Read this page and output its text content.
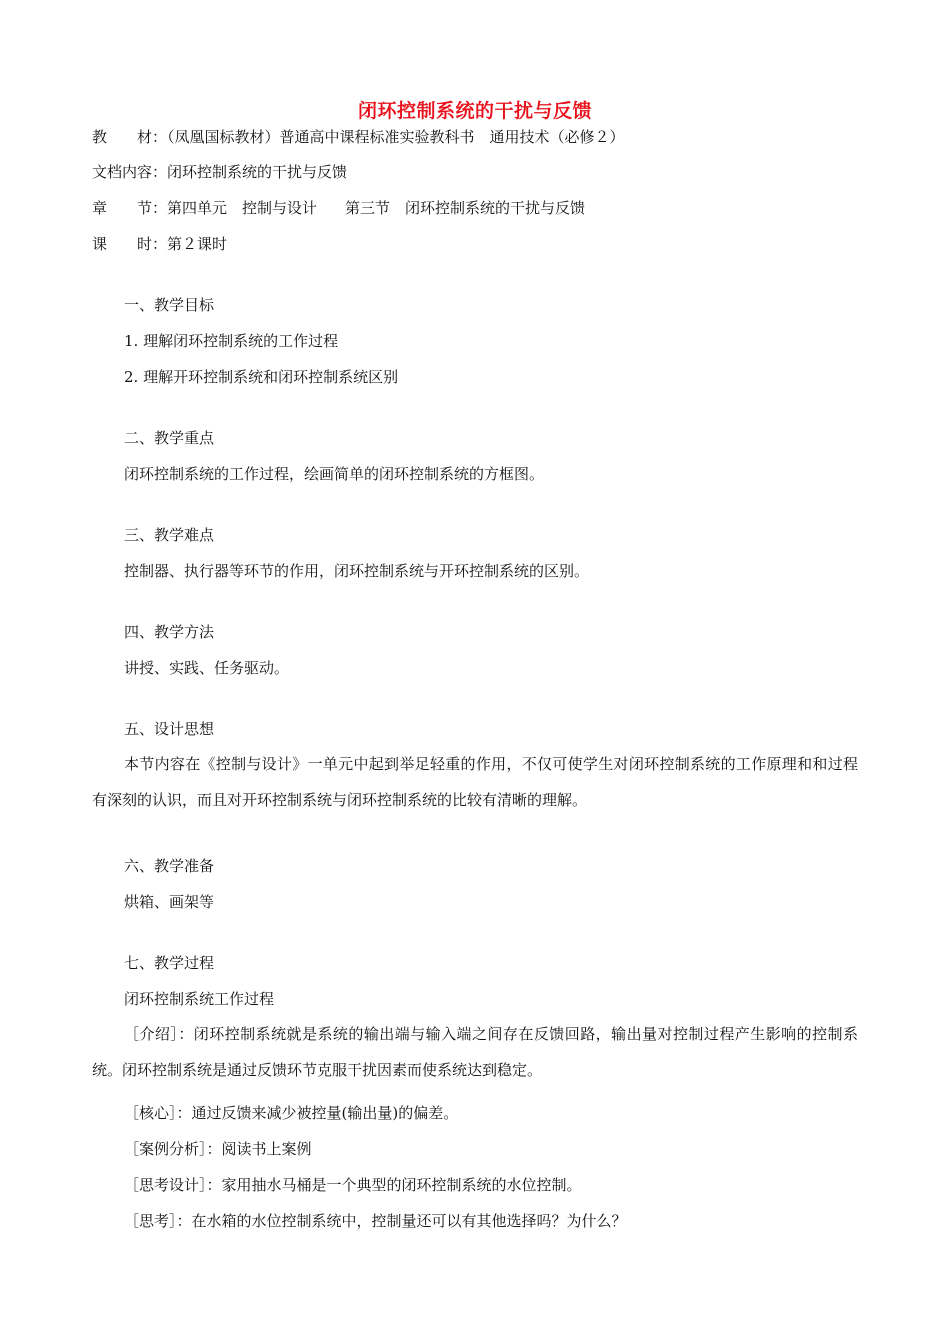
闭环控制系统的干扰与反馈
教　　材：（凤凰国标教材）普通高中课程标准实验教科书　通用技术（必修２）
文档内容：闭环控制系统的干扰与反馈
章　　节：第四单元　控制与设计 第三节　闭环控制系统的干扰与反馈
课　　时：第２课时
一、教学目标
1. 理解闭环控制系统的工作过程
2. 理解开环控制系统和闭环控制系统区别
二、教学重点
闭环控制系统的工作过程，绘画简单的闭环控制系统的方框图。
三、教学难点
控制器、执行器等环节的作用，闭环控制系统与开环控制系统的区别。
四、教学方法
讲授、实践、任务驱动。
五、设计思想
本节内容在《控制与设计》一单元中起到举足轻重的作用，不仅可使学生对闭环控制系统的工作原理和和过程有深刻的认识，而且对开环控制系统与闭环控制系统的比较有清晰的理解。
六、教学准备
烘箱、画架等
七、教学过程
闭环控制系统工作过程
［介绍］：闭环控制系统就是系统的输出端与输入端之间存在反馈回路，输出量对控制过程产生影响的控制系统。闭环控制系统是通过反馈环节克服干扰因素而使系统达到稳定。
［核心］：通过反馈来减少被控量(输出量)的偏差。
［案例分析］：阅读书上案例
［思考设计］：家用抽水马桶是一个典型的闭环控制系统的水位控制。
［思考］：在水箱的水位控制系统中，控制量还可以有其他选择吗？为什么？
